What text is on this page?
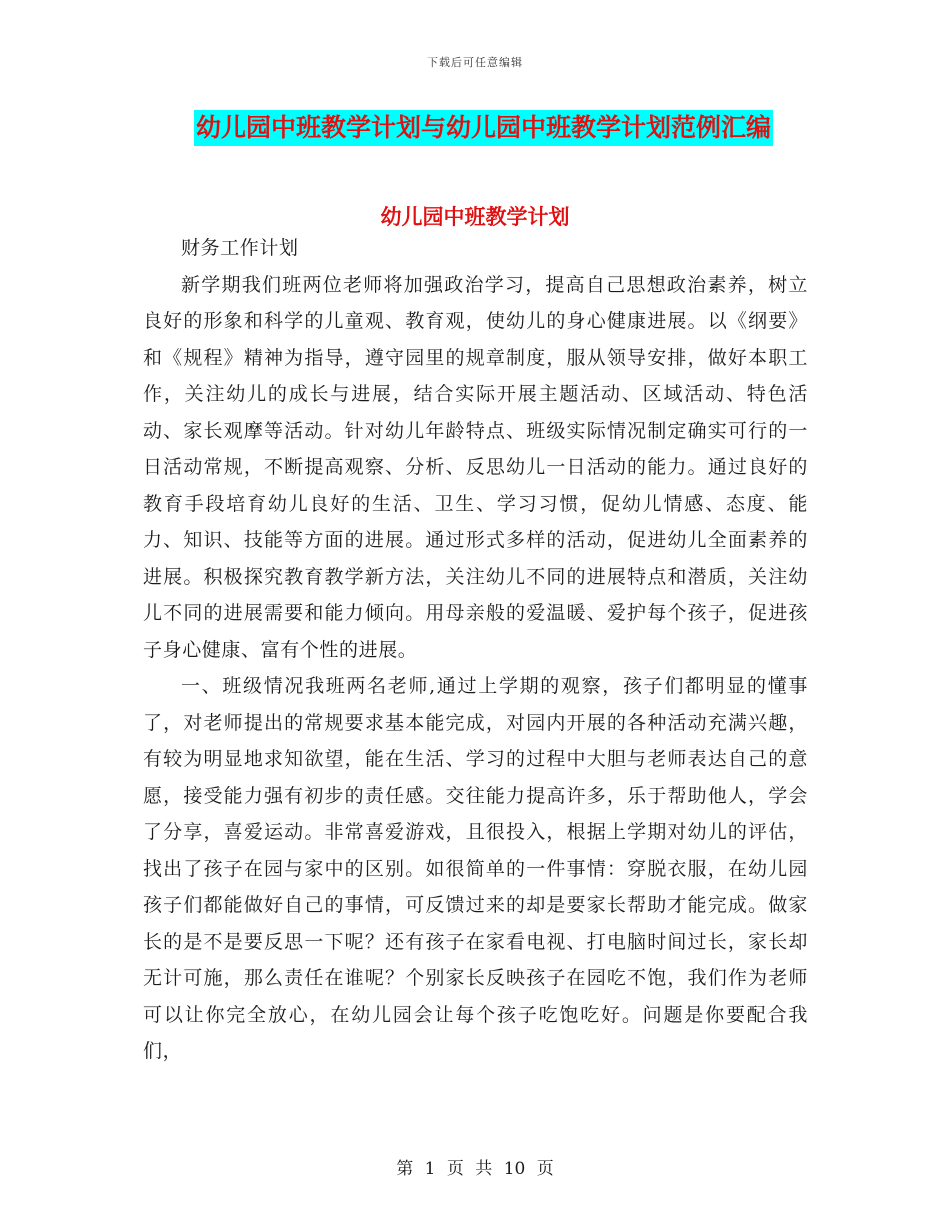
下载后可任意编辑
幼儿园中班教学计划与幼儿园中班教学计划范例汇编
幼儿园中班教学计划

财务工作计划

新学期我们班两位老师将加强政治学习，提高自己思想政治素养，树立良好的形象和科学的儿童观、教育观，使幼儿的身心健康进展。以《纲要》和《规程》精神为指导，遵守园里的规章制度，服从领导安排，做好本职工作，关注幼儿的成长与进展，结合实际开展主题活动、区域活动、特色活动、家长观摩等活动。针对幼儿年龄特点、班级实际情况制定确实可行的一日活动常规，不断提高观察、分析、反思幼儿一日活动的能力。通过良好的教育手段培育幼儿良好的生活、卫生、学习习惯，促幼儿情感、态度、能力、知识、技能等方面的进展。通过形式多样的活动，促进幼儿全面素养的进展。积极探究教育教学新方法，关注幼儿不同的进展特点和潜质，关注幼儿不同的进展需要和能力倾向。用母亲般的爱温暖、爱护每个孩子，促进孩子身心健康、富有个性的进展。

一、班级情况我班两名老师,通过上学期的观察，孩子们都明显的懂事了，对老师提出的常规要求基本能完成，对园内开展的各种活动充满兴趣，有较为明显地求知欲望，能在生活、学习的过程中大胆与老师表达自己的意愿，接受能力强有初步的责任感。交往能力提高许多，乐于帮助他人，学会了分享，喜爱运动。非常喜爱游戏，且很投入，根据上学期对幼儿的评估，找出了孩子在园与家中的区别。如很简单的一件事情：穿脱衣服，在幼儿园孩子们都能做好自己的事情，可反馈过来的却是要家长帮助才能完成。做家长的是不是要反思一下呢？还有孩子在家看电视、打电脑时间过长，家长却无计可施，那么责任在谁呢？个别家长反映孩子在园吃不饱，我们作为老师可以让你完全放心，在幼儿园会让每个孩子吃饱吃好。问题是你要配合我们，

第 1 页 共 10 页
